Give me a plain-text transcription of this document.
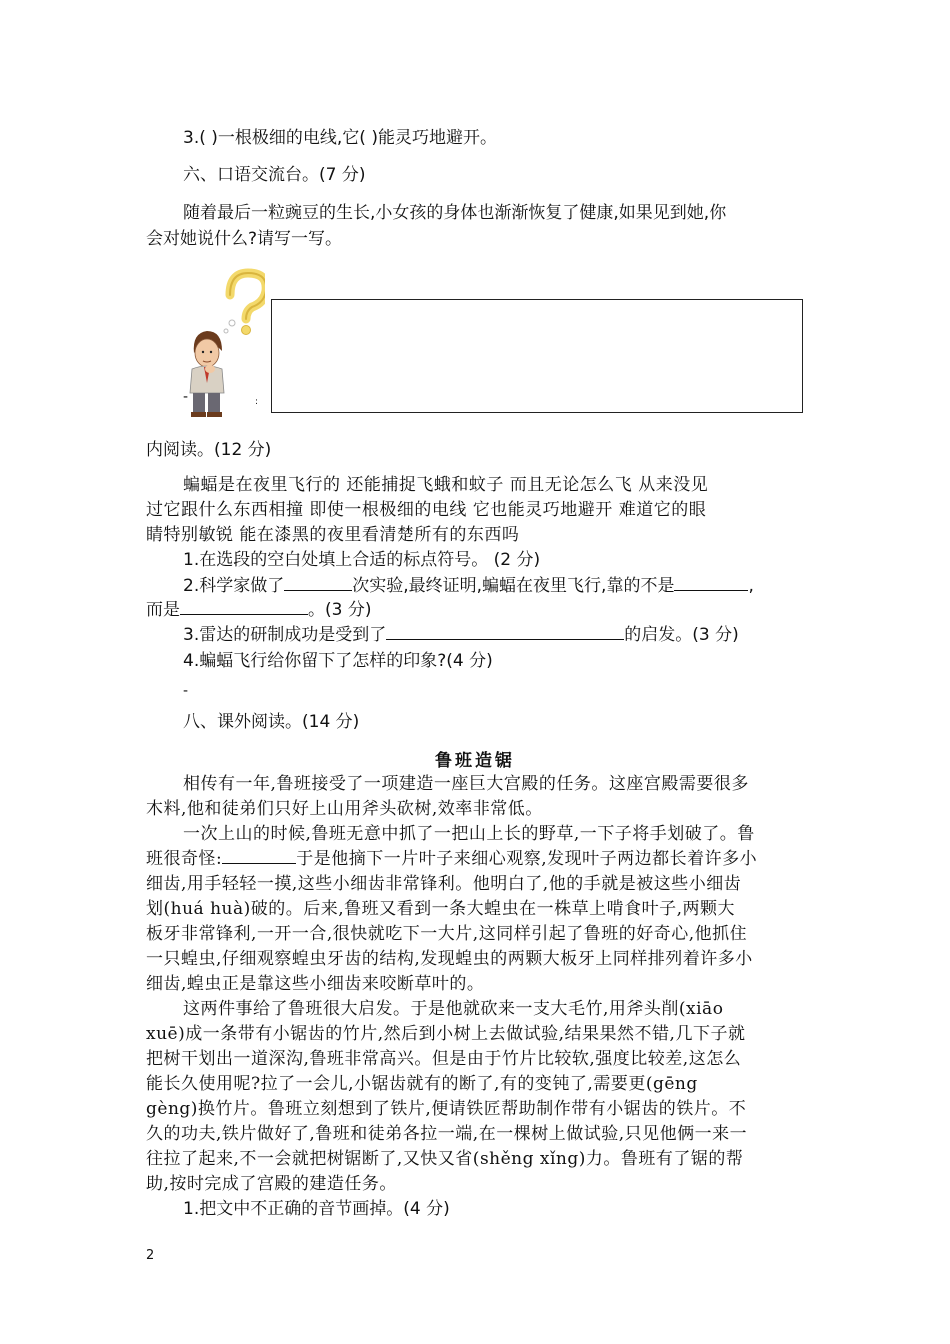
3.( )一根极细的电线,它( )能灵巧地避开。
六、口语交流台。(7 分)
随着最后一粒豌豆的生长,小女孩的身体也渐渐恢复了健康,如果见到她,你
会对她说什么?请写一写。
-	:
内阅读。(12 分)
蝙蝠是在夜里飞行的 还能捕捉飞蛾和蚊子 而且无论怎么飞 从来没见
过它跟什么东西相撞 即使一根极细的电线 它也能灵巧地避开 难道它的眼
睛特别敏锐 能在漆黑的夜里看清楚所有的东西吗
1.在选段的空白处填上合适的标点符号。 (2 分)
2.科学家做了	次实验,最终证明,蝙蝠在夜里飞行,靠的不是	,
而是	。(3 分)
3.雷达的研制成功是受到了	的启发。(3 分)
4.蝙蝠飞行给你留下了怎样的印象?(4 分)
-
八、课外阅读。(14 分)
鲁班造锯
相传有一年,鲁班接受了一项建造一座巨大宫殿的任务。这座宫殿需要很多
木料,他和徒弟们只好上山用斧头砍树,效率非常低。
一次上山的时候,鲁班无意中抓了一把山上长的野草,一下子将手划破了。鲁
班很奇怪:	于是他摘下一片叶子来细心观察,发现叶子两边都长着许多小
细齿,用手轻轻一摸,这些小细齿非常锋利。他明白了,他的手就是被这些小细齿
划(huá huà)破的。后来,鲁班又看到一条大蝗虫在一株草上啃食叶子,两颗大
板牙非常锋利,一开一合,很快就吃下一大片,这同样引起了鲁班的好奇心,他抓住
一只蝗虫,仔细观察蝗虫牙齿的结构,发现蝗虫的两颗大板牙上同样排列着许多小
细齿,蝗虫正是靠这些小细齿来咬断草叶的。
这两件事给了鲁班很大启发。于是他就砍来一支大毛竹,用斧头削(xiāo
xuē)成一条带有小锯齿的竹片,然后到小树上去做试验,结果果然不错,几下子就
把树干划出一道深沟,鲁班非常高兴。但是由于竹片比较软,强度比较差,这怎么
能长久使用呢?拉了一会儿,小锯齿就有的断了,有的变钝了,需要更(gēng
gèng)换竹片。鲁班立刻想到了铁片,便请铁匠帮助制作带有小锯齿的铁片。不
久的功夫,铁片做好了,鲁班和徒弟各拉一端,在一棵树上做试验,只见他俩一来一
往拉了起来,不一会就把树锯断了,又快又省(shěng xǐng)力。鲁班有了锯的帮
助,按时完成了宫殿的建造任务。
1.把文中不正确的音节画掉。(4 分)
2
